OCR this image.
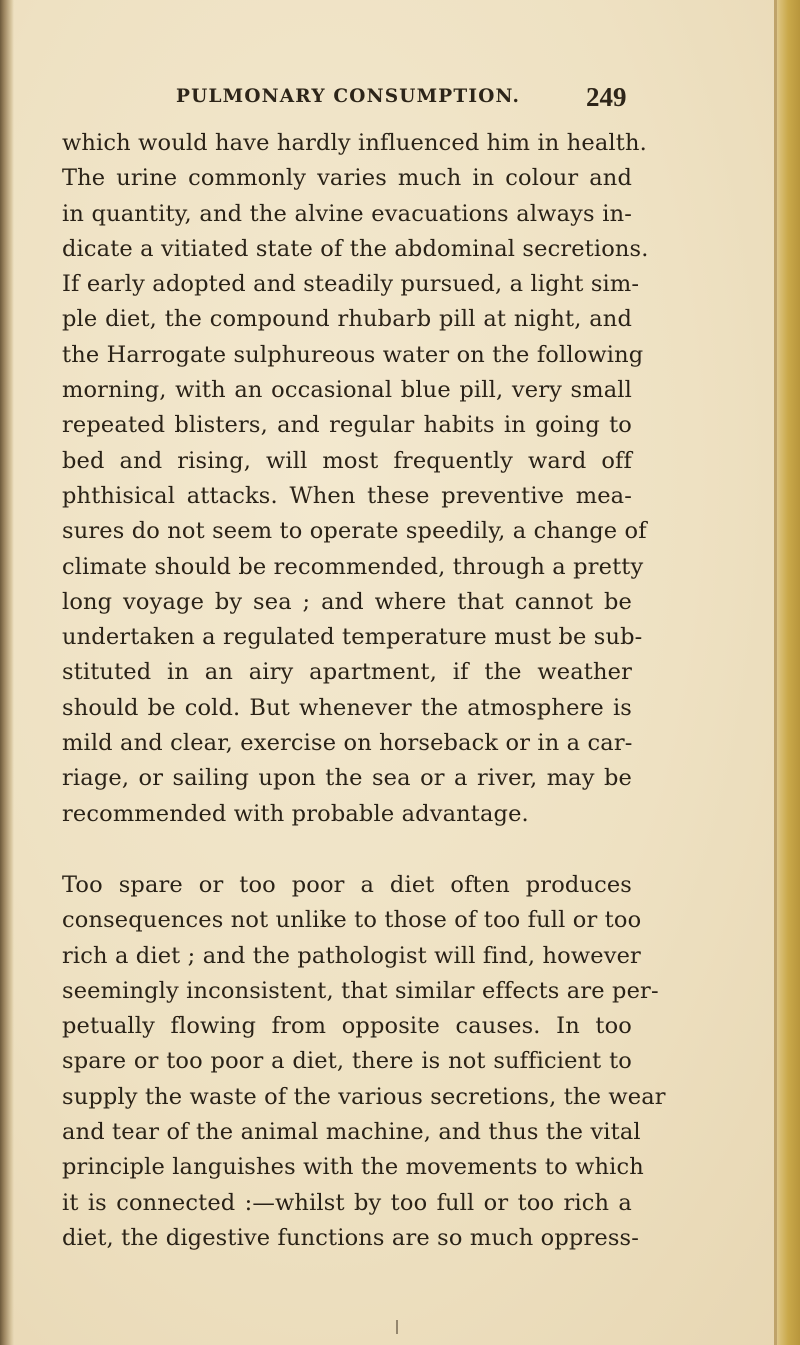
PULMONARY CONSUMPTION. 249
which would have hardly influenced him in health.
The urine commonly varies much in colour and
in quantity, and the alvine evacuations always in-
dicate a vitiated state of the abdominal secretions.
If early adopted and steadily pursued, a light sim-
ple diet, the compound rhubarb pill at night, and
the Harrogate sulphureous water on the following
morning, with an occasional blue pill, very small
repeated blisters, and regular habits in going to
bed and rising, will most frequently ward off
phthisical attacks. When these preventive mea-
sures do not seem to operate speedily, a change of
climate should be recommended, through a pretty
long voyage by sea ; and where that cannot be
undertaken a regulated temperature must be sub-
stituted in an airy apartment, if the weather
should be cold. But whenever the atmosphere is
mild and clear, exercise on horseback or in a car-
riage, or sailing upon the sea or a river, may be
recommended with probable advantage.
Too spare or too poor a diet often produces
consequences not unlike to those of too full or too
rich a diet ; and the pathologist will find, however
seemingly inconsistent, that similar effects are per-
petually flowing from opposite causes. In too
spare or too poor a diet, there is not sufficient to
supply the waste of the various secretions, the wear
and tear of the animal machine, and thus the vital
principle languishes with the movements to which
it is connected :—whilst by too full or too rich a
diet, the digestive functions are so much oppress-
